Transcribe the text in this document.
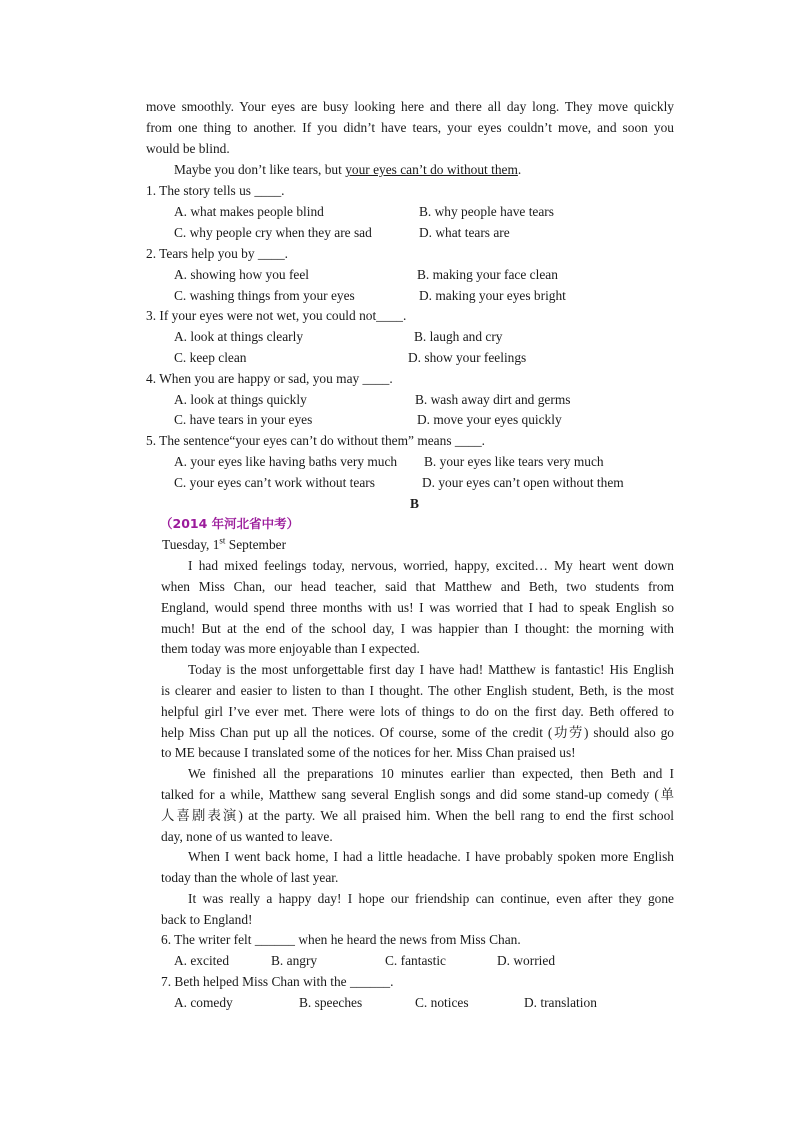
move smoothly. Your eyes are busy looking here and there all day long. They move quickly
from one thing to another. If you didn’t have tears, your eyes couldn’t move, and soon you
would be blind.
Maybe you don’t like tears, but your eyes can’t do without them.
1. The story tells us ____.
A. what makes people blind	B. why people have tears
C. why people cry when they are sad	D. what tears are
2. Tears help you by ____.
A. showing how you feel	B. making your face clean
C. washing things from your eyes	D. making your eyes bright
3. If your eyes were not wet, you could not____.
A. look at things clearly	B. laugh and cry
C. keep clean	D. show your feelings
4. When you are happy or sad, you may ____.
A. look at things quickly	B. wash away dirt and germs
C. have tears in your eyes	D. move your eyes quickly
5. The sentence“your eyes can’t do without them” means ____.
A. your eyes like having baths very much B. your eyes like tears very much
C. your eyes can’t work without tears	D. your eyes can’t open without them
B
（2014 年河北省中考）
Tuesday, 1st September
I had mixed feelings today, nervous, worried, happy, excited… My heart went down
when Miss Chan, our head teacher, said that Matthew and Beth, two students from
England, would spend three months with us! I was worried that I had to speak English so
much! But at the end of the school day, I was happier than I thought: the morning with
them today was more enjoyable than I expected.
Today is the most unforgettable first day I have had! Matthew is fantastic! His English
is clearer and easier to listen to than I thought. The other English student, Beth, is the most
helpful girl I’ve ever met. There were lots of things to do on the first day. Beth offered to
help Miss Chan put up all the notices. Of course, some of the credit (功劳) should also go
to ME because I translated some of the notices for her. Miss Chan praised us!
We finished all the preparations 10 minutes earlier than expected, then Beth and I
talked for a while, Matthew sang several English songs and did some stand-up comedy (单
人喜剧表演) at the party. We all praised him. When the bell rang to end the first school
day, none of us wanted to leave.
When I went back home, I had a little headache. I have probably spoken more English
today than the whole of last year.
It was really a happy day! I hope our friendship can continue, even after they gone
back to England!
6. The writer felt ______ when he heard the news from Miss Chan.
A. excited	B. angry	C. fantastic	D. worried
7. Beth helped Miss Chan with the ______.
A. comedy	B. speeches	C. notices	D. translation
